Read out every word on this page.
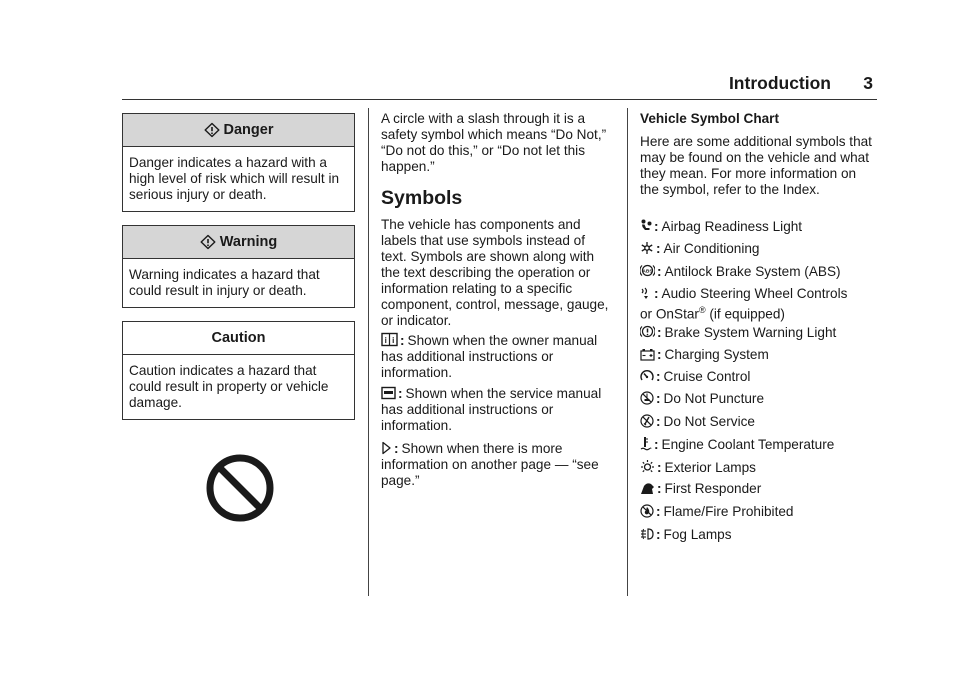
Introduction 3
Danger
Danger indicates a hazard with a high level of risk which will result in serious injury or death.
Warning
Warning indicates a hazard that could result in injury or death.
Caution
Caution indicates a hazard that could result in property or vehicle damage.
A circle with a slash through it is a safety symbol which means “Do Not,” “Do not do this,” or “Do not let this happen.”
Symbols
The vehicle has components and labels that use symbols instead of text. Symbols are shown along with the text describing the operation or information relating to a specific component, control, message, gauge, or indicator.
i i : Shown when the owner manual has additional instructions or information.
: Shown when the service manual has additional instructions or information.
: Shown when there is more information on another page — “see page.”
Vehicle Symbol Chart
Here are some additional symbols that may be found on the vehicle and what they mean. For more information on the symbol, refer to the Index.
: Airbag Readiness Light
: Air Conditioning
ABS : Antilock Brake System (ABS)
: Audio Steering Wheel Controls
or OnStar® (if equipped)
: Brake System Warning Light
: Charging System
: Cruise Control
: Do Not Puncture
: Do Not Service
: Engine Coolant Temperature
: Exterior Lamps
: First Responder
: Flame/Fire Prohibited
: Fog Lamps
